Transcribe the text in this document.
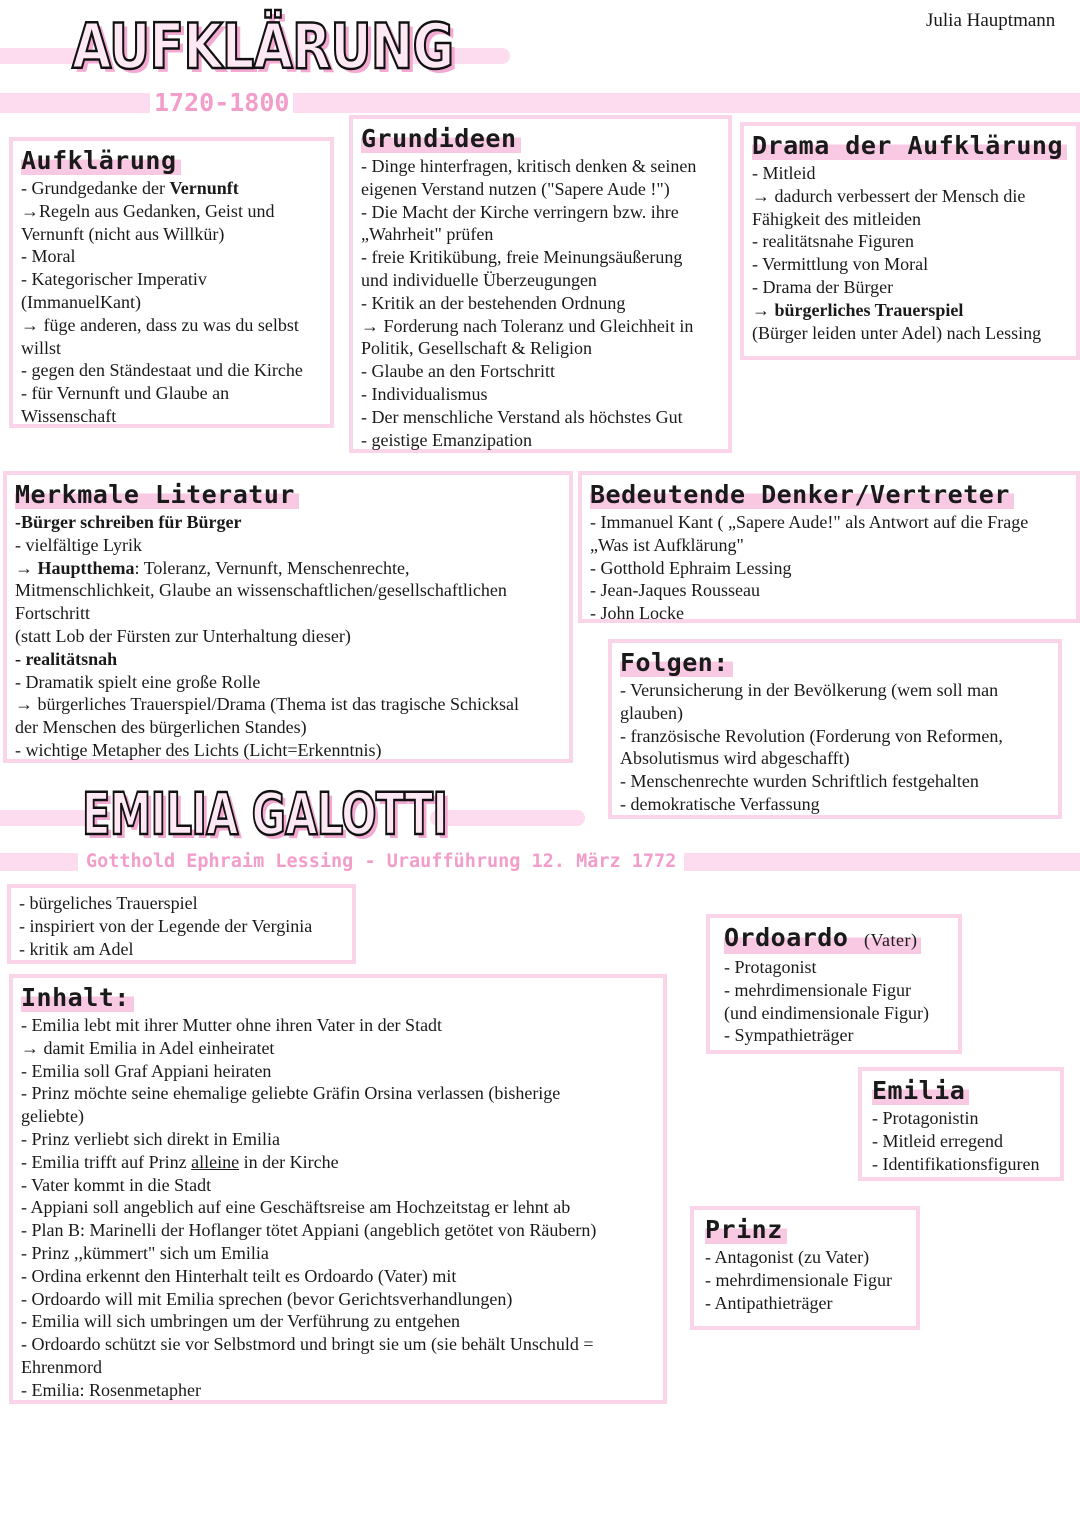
AUFKLÄRUNG
1720-1800
Julia Hauptmann
Aufklärung
- Grundgedanke der Vernunft
→Regeln aus Gedanken, Geist und
Vernunft (nicht aus Willkür)
- Moral
- Kategorischer Imperativ
(ImmanuelKant)
→ füge anderen, dass zu was du selbst
willst
- gegen den Ständestaat und die Kirche
- für Vernunft und Glaube an
Wissenschaft
Grundideen
- Dinge hinterfragen, kritisch denken & seinen
eigenen Verstand nutzen ("Sapere Aude !")
- Die Macht der Kirche verringern bzw. ihre
„Wahrheit" prüfen
- freie Kritikübung, freie Meinungsäußerung
und individuelle Überzeugungen
- Kritik an der bestehenden Ordnung
→ Forderung nach Toleranz und Gleichheit in
Politik, Gesellschaft & Religion
- Glaube an den Fortschritt
- Individualismus
- Der menschliche Verstand als höchstes Gut
- geistige Emanzipation
Drama der Aufklärung
- Mitleid
→ dadurch verbessert der Mensch die
Fähigkeit des mitleiden
- realitätsnahe Figuren
- Vermittlung von Moral
- Drama der Bürger
→ bürgerliches Trauerspiel
(Bürger leiden unter Adel) nach Lessing
Merkmale Literatur
-Bürger schreiben für Bürger
- vielfältige Lyrik
→ Hauptthema: Toleranz, Vernunft, Menschenrechte,
Mitmenschlichkeit, Glaube an wissenschaftlichen/gesellschaftlichen
Fortschritt
(statt Lob der Fürsten zur Unterhaltung dieser)
- realitätsnah
- Dramatik spielt eine große Rolle
→ bürgerliches Trauerspiel/Drama (Thema ist das tragische Schicksal
der Menschen des bürgerlichen Standes)
- wichtige Metapher des Lichts (Licht=Erkenntnis)
Bedeutende Denker/Vertreter
- Immanuel Kant ( „Sapere Aude!" als Antwort auf die Frage
„Was ist Aufklärung"
- Gotthold Ephraim Lessing
- Jean-Jaques Rousseau
- John Locke
Folgen:
- Verunsicherung in der Bevölkerung (wem soll man
glauben)
- französische Revolution (Forderung von Reformen,
Absolutismus wird abgeschafft)
- Menschenrechte wurden Schriftlich festgehalten
- demokratische Verfassung
EMILIA GALOTTI
Gotthold Ephraim Lessing - Uraufführung 12. März 1772
- bürgeliches Trauerspiel
- inspiriert von der Legende der Verginia
- kritik am Adel
Inhalt:
- Emilia lebt mit ihrer Mutter ohne ihren Vater in der Stadt
→ damit Emilia in Adel einheiratet
- Emilia soll Graf Appiani heiraten
- Prinz möchte seine ehemalige geliebte Gräfin Orsina verlassen (bisherige
geliebte)
- Prinz verliebt sich direkt in Emilia
- Emilia trifft auf Prinz alleine in der Kirche
- Vater kommt in die Stadt
- Appiani soll angeblich auf eine Geschäftsreise am Hochzeitstag er lehnt ab
- Plan B: Marinelli der Hoflanger tötet Appiani (angeblich getötet von Räubern)
- Prinz ,,kümmert" sich um Emilia
- Ordina erkennt den Hinterhalt teilt es Ordoardo (Vater) mit
- Ordoardo will mit Emilia sprechen (bevor Gerichtsverhandlungen)
- Emilia will sich umbringen um der Verführung zu entgehen
- Ordoardo schützt sie vor Selbstmord und bringt sie um (sie behält Unschuld =
Ehrenmord
- Emilia: Rosenmetapher
Ordoardo (Vater)
- Protagonist
- mehrdimensionale Figur
(und eindimensionale Figur)
- Sympathieträger
Emilia
- Protagonistin
- Mitleid erregend
- Identifikationsfiguren
Prinz
- Antagonist (zu Vater)
- mehrdimensionale Figur
- Antipathieträger
